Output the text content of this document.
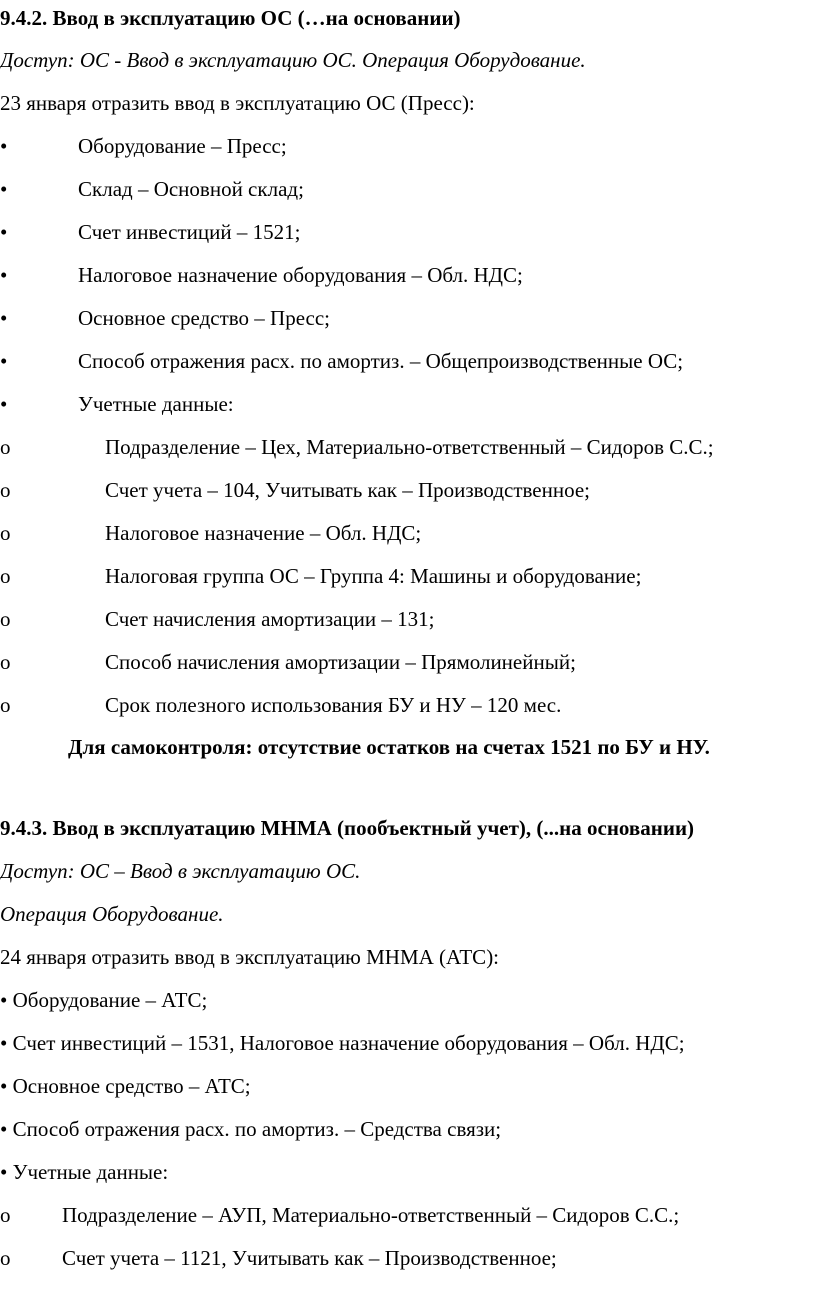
9.4.2. Ввод в эксплуатацию ОС (…на основании)
Доступ: ОС - Ввод в эксплуатацию ОС. Операция Оборудование.
23 января отразить ввод в эксплуатацию ОС (Пресс):
•	Оборудование – Пресс;
•	Склад – Основной склад;
•	Счет инвестиций – 1521;
•	Налоговое назначение оборудования – Обл. НДС;
•	Основное средство – Пресс;
•	Способ отражения расх. по амортиз. – Общепроизводственные ОС;
•	Учетные данные:
o	Подразделение – Цех, Материально-ответственный – Сидоров С.С.;
o	Счет учета – 104, Учитывать как – Производственное;
o	Налоговое назначение – Обл. НДС;
o	Налоговая группа ОС – Группа 4: Машины и оборудование;
o	Счет начисления амортизации – 131;
o	Способ начисления амортизации – Прямолинейный;
o	Срок полезного использования БУ и НУ – 120 мес.
Для самоконтроля: отсутствие остатков на счетах 1521 по БУ и НУ.
9.4.3. Ввод в эксплуатацию МНМА (пообъектный учет), (...на основании)
Доступ: ОС – Ввод в эксплуатацию ОС.
Операция Оборудование.
24 января отразить ввод в эксплуатацию МНМА (АТС):
• Оборудование – АТС;
• Счет инвестиций – 1531, Налоговое назначение оборудования – Обл. НДС;
• Основное средство – АТС;
• Способ отражения расх. по амортиз. – Средства связи;
• Учетные данные:
o Подразделение – АУП, Материально-ответственный – Сидоров С.С.;
o Счет учета – 1121, Учитывать как – Производственное;
